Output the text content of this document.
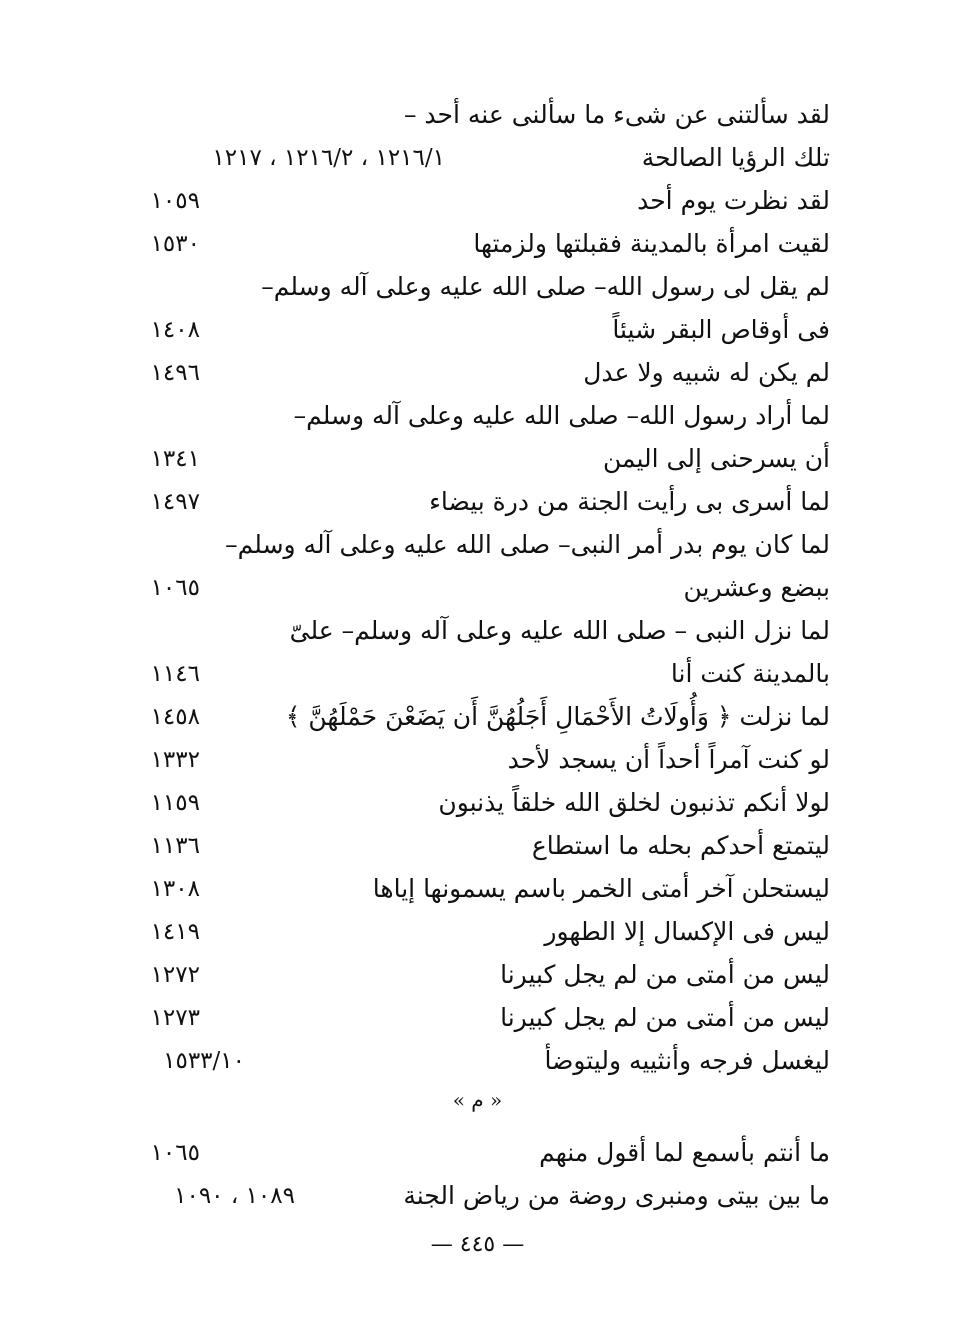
لقد سألتنى عن شىء ما سألنى عنه أحد –
تلك الرؤيا الصالحة
١٢١٦/١ ، ١٢١٦/٢ ، ١٢١٧
لقد نظرت يوم أحد
١٠٥٩
لقيت امرأة بالمدينة فقبلتها ولزمتها
١٥٣٠
لم يقل لى رسول الله– صلى الله عليه وعلى آله وسلم–
فى أوقاص البقر شيئاً
١٤٠٨
لم يكن له شبيه ولا عدل
١٤٩٦
لما أراد رسول الله– صلى الله عليه وعلى آله وسلم–
أن يسرحنى إلى اليمن
١٣٤١
لما أسرى بى رأيت الجنة من درة بيضاء
١٤٩٧
لما كان يوم بدر أمر النبى– صلى الله عليه وعلى آله وسلم–
ببضع وعشرين
١٠٦٥
لما نزل النبى – صلى الله عليه وعلى آله وسلم– علىّ
بالمدينة كنت أنا
١١٤٦
لما نزلت ﴿ وَأُولَاتُ الأَحْمَالِ أَجَلُهُنَّ أَن يَضَعْنَ حَمْلَهُنَّ ﴾
١٤٥٨
لو كنت آمراً أحداً أن يسجد لأحد
١٣٣٢
لولا أنكم تذنبون لخلق الله خلقاً يذنبون
١١٥٩
ليتمتع أحدكم بحله ما استطاع
١١٣٦
ليستحلن آخر أمتى الخمر باسم يسمونها إياها
١٣٠٨
ليس فى الإكسال إلا الطهور
١٤١٩
ليس من أمتى من لم يجل كبيرنا
١٢٧٢
ليس من أمتى من لم يجل كبيرنا
١٢٧٣
ليغسل فرجه وأنثييه وليتوضأ
١٥٣٣/١٠
« م »
ما أنتم بأسمع لما أقول منهم
١٠٦٥
ما بين بيتى ومنبرى روضة من رياض الجنة
١٠٨٩ ، ١٠٩٠
— ٤٤٥ —
